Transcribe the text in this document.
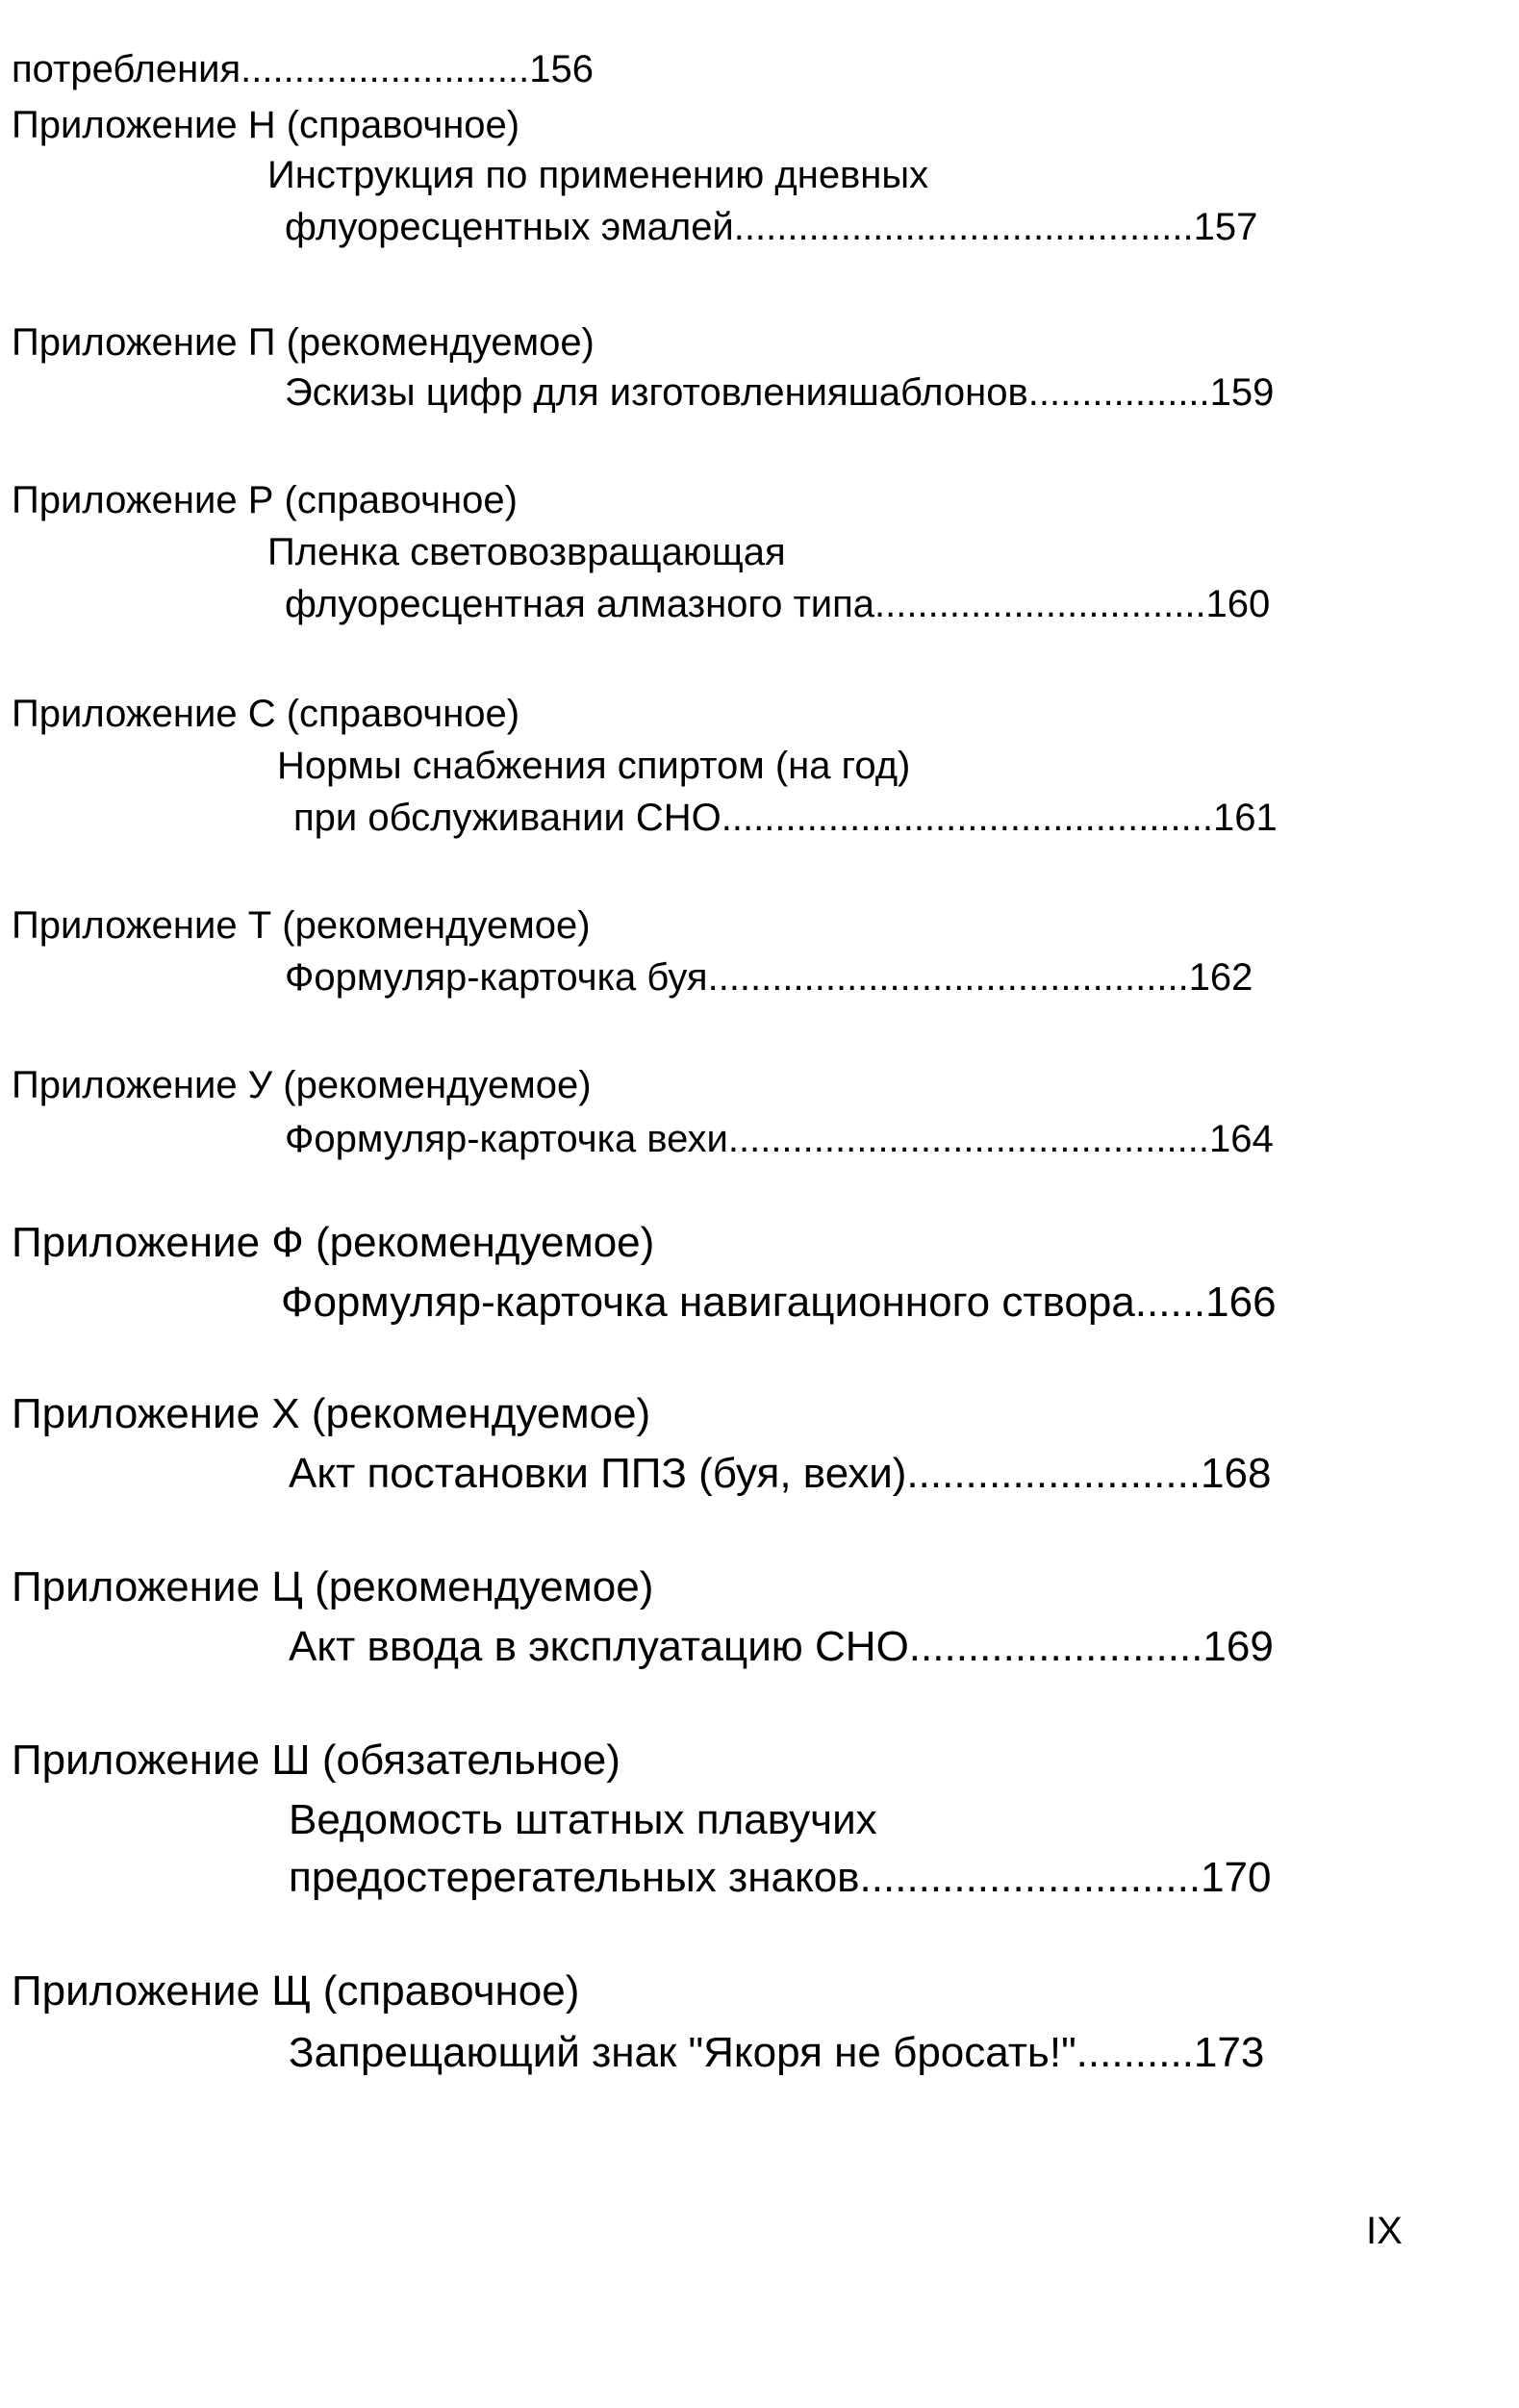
потребления...........................156
Приложение Н (справочное)
Инструкция по применению дневных
флуоресцентных эмалей...........................................157
Приложение П (рекомендуемое)
Эскизы цифр для изготовленияшаблонов.................159
Приложение Р (справочное)
Пленка световозвращающая
флуоресцентная алмазного типа...............................160
Приложение С (справочное)
Нормы снабжения спиртом (на год)
при обслуживании СНО..............................................161
Приложение Т (рекомендуемое)
Формуляр-карточка буя.............................................162
Приложение У (рекомендуемое)
Формуляр-карточка вехи.............................................164
Приложение Ф (рекомендуемое)
Формуляр-карточка навигационного створа......166
Приложение Х (рекомендуемое)
Акт постановки ППЗ (буя, вехи).........................168
Приложение Ц (рекомендуемое)
Акт ввода в эксплуатацию СНО.........................169
Приложение Ш (обязательное)
Ведомость штатных плавучих
предостерегательных знаков.............................170
Приложение Щ (справочное)
Запрещающий знак "Якоря не бросать!"..........173
IX
